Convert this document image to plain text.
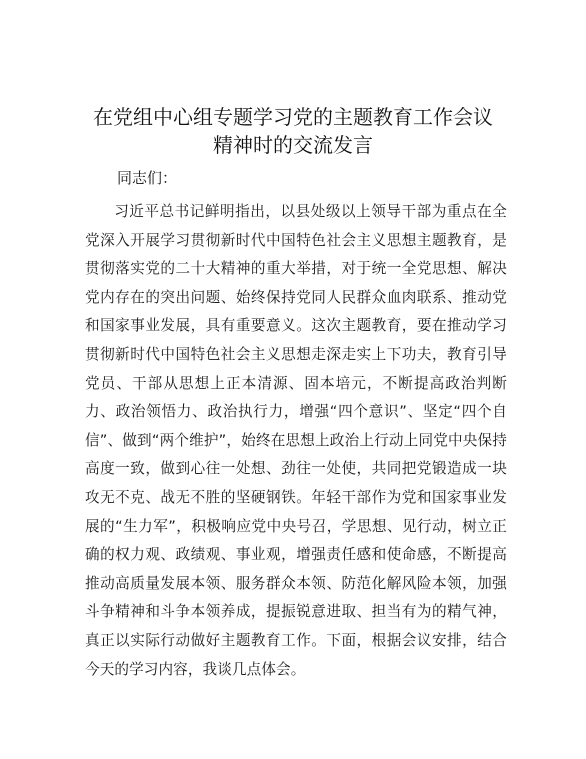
在党组中心组专题学习党的主题教育工作会议
精神时的交流发言

同志们：

习近平总书记鲜明指出，以县处级以上领导干部为重点在全党深入开展学习贯彻新时代中国特色社会主义思想主题教育，是贯彻落实党的二十大精神的重大举措，对于统一全党思想、解决党内存在的突出问题、始终保持党同人民群众血肉联系、推动党和国家事业发展，具有重要意义。这次主题教育，要在推动学习贯彻新时代中国特色社会主义思想走深走实上下功夫，教育引导党员、干部从思想上正本清源、固本培元，不断提高政治判断力、政治领悟力、政治执行力，增强“四个意识”、坚定“四个自信”、做到“两个维护”，始终在思想上政治上行动上同党中央保持高度一致，做到心往一处想、劲往一处使，共同把党锻造成一块攻无不克、战无不胜的坚硬钢铁。年轻干部作为党和国家事业发展的“生力军”，积极响应党中央号召，学思想、见行动，树立正确的权力观、政绩观、事业观，增强责任感和使命感，不断提高推动高质量发展本领、服务群众本领、防范化解风险本领，加强斗争精神和斗争本领养成，提振锐意进取、担当有为的精气神，真正以实际行动做好主题教育工作。下面，根据会议安排，结合今天的学习内容，我谈几点体会。
